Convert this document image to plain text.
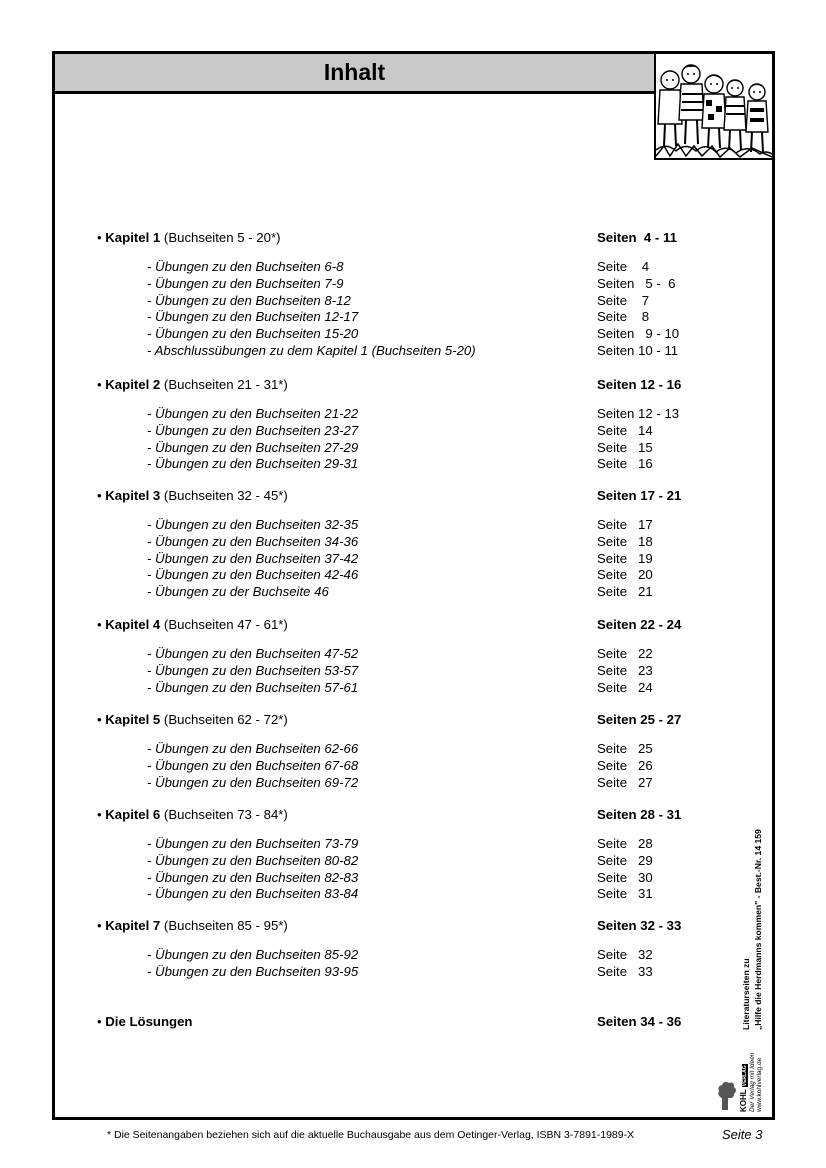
Inhalt
• Kapitel 1 (Buchseiten 5 - 20*)	Seiten  4 - 11
- Übungen zu den Buchseiten 6-8	Seite    4
- Übungen zu den Buchseiten 7-9	Seiten   5 -  6
- Übungen zu den Buchseiten 8-12	Seite    7
- Übungen zu den Buchseiten 12-17	Seite    8
- Übungen zu den Buchseiten 15-20	Seiten   9 - 10
- Abschlussübungen zu dem Kapitel 1 (Buchseiten 5-20)	Seiten 10 - 11
• Kapitel 2 (Buchseiten 21 - 31*)	Seiten 12 - 16
- Übungen zu den Buchseiten 21-22	Seiten 12 - 13
- Übungen zu den Buchseiten 23-27	Seite   14
- Übungen zu den Buchseiten 27-29	Seite   15
- Übungen zu den Buchseiten 29-31	Seite   16
• Kapitel 3 (Buchseiten 32 - 45*)	Seiten 17 - 21
- Übungen zu den Buchseiten 32-35	Seite   17
- Übungen zu den Buchseiten 34-36	Seite   18
- Übungen zu den Buchseiten 37-42	Seite   19
- Übungen zu den Buchseiten 42-46	Seite   20
- Übungen zu der Buchseite 46	Seite   21
• Kapitel 4 (Buchseiten 47 - 61*)	Seiten 22 - 24
- Übungen zu den Buchseiten 47-52	Seite   22
- Übungen zu den Buchseiten 53-57	Seite   23
- Übungen zu den Buchseiten 57-61	Seite   24
• Kapitel 5 (Buchseiten 62 - 72*)	Seiten 25 - 27
- Übungen zu den Buchseiten 62-66	Seite   25
- Übungen zu den Buchseiten 67-68	Seite   26
- Übungen zu den Buchseiten 69-72	Seite   27
• Kapitel 6 (Buchseiten 73 - 84*)	Seiten 28 - 31
- Übungen zu den Buchseiten 73-79	Seite   28
- Übungen zu den Buchseiten 80-82	Seite   29
- Übungen zu den Buchseiten 82-83	Seite   30
- Übungen zu den Buchseiten 83-84	Seite   31
• Kapitel 7 (Buchseiten 85 - 95*)	Seiten 32 - 33
- Übungen zu den Buchseiten 85-92	Seite   32
- Übungen zu den Buchseiten 93-95	Seite   33
• Die Lösungen	Seiten 34 - 36	Literaturseiten zu „Hilfe die Herdmanns kommen" - Best.-Nr. 14 159
KOHL VERLAG Der Verlag mit Ideen www.kohlverlag.de
* Die Seitenangaben beziehen sich auf die aktuelle Buchausgabe aus dem Oetinger-Verlag, ISBN 3-7891-1989-X	Seite 3
